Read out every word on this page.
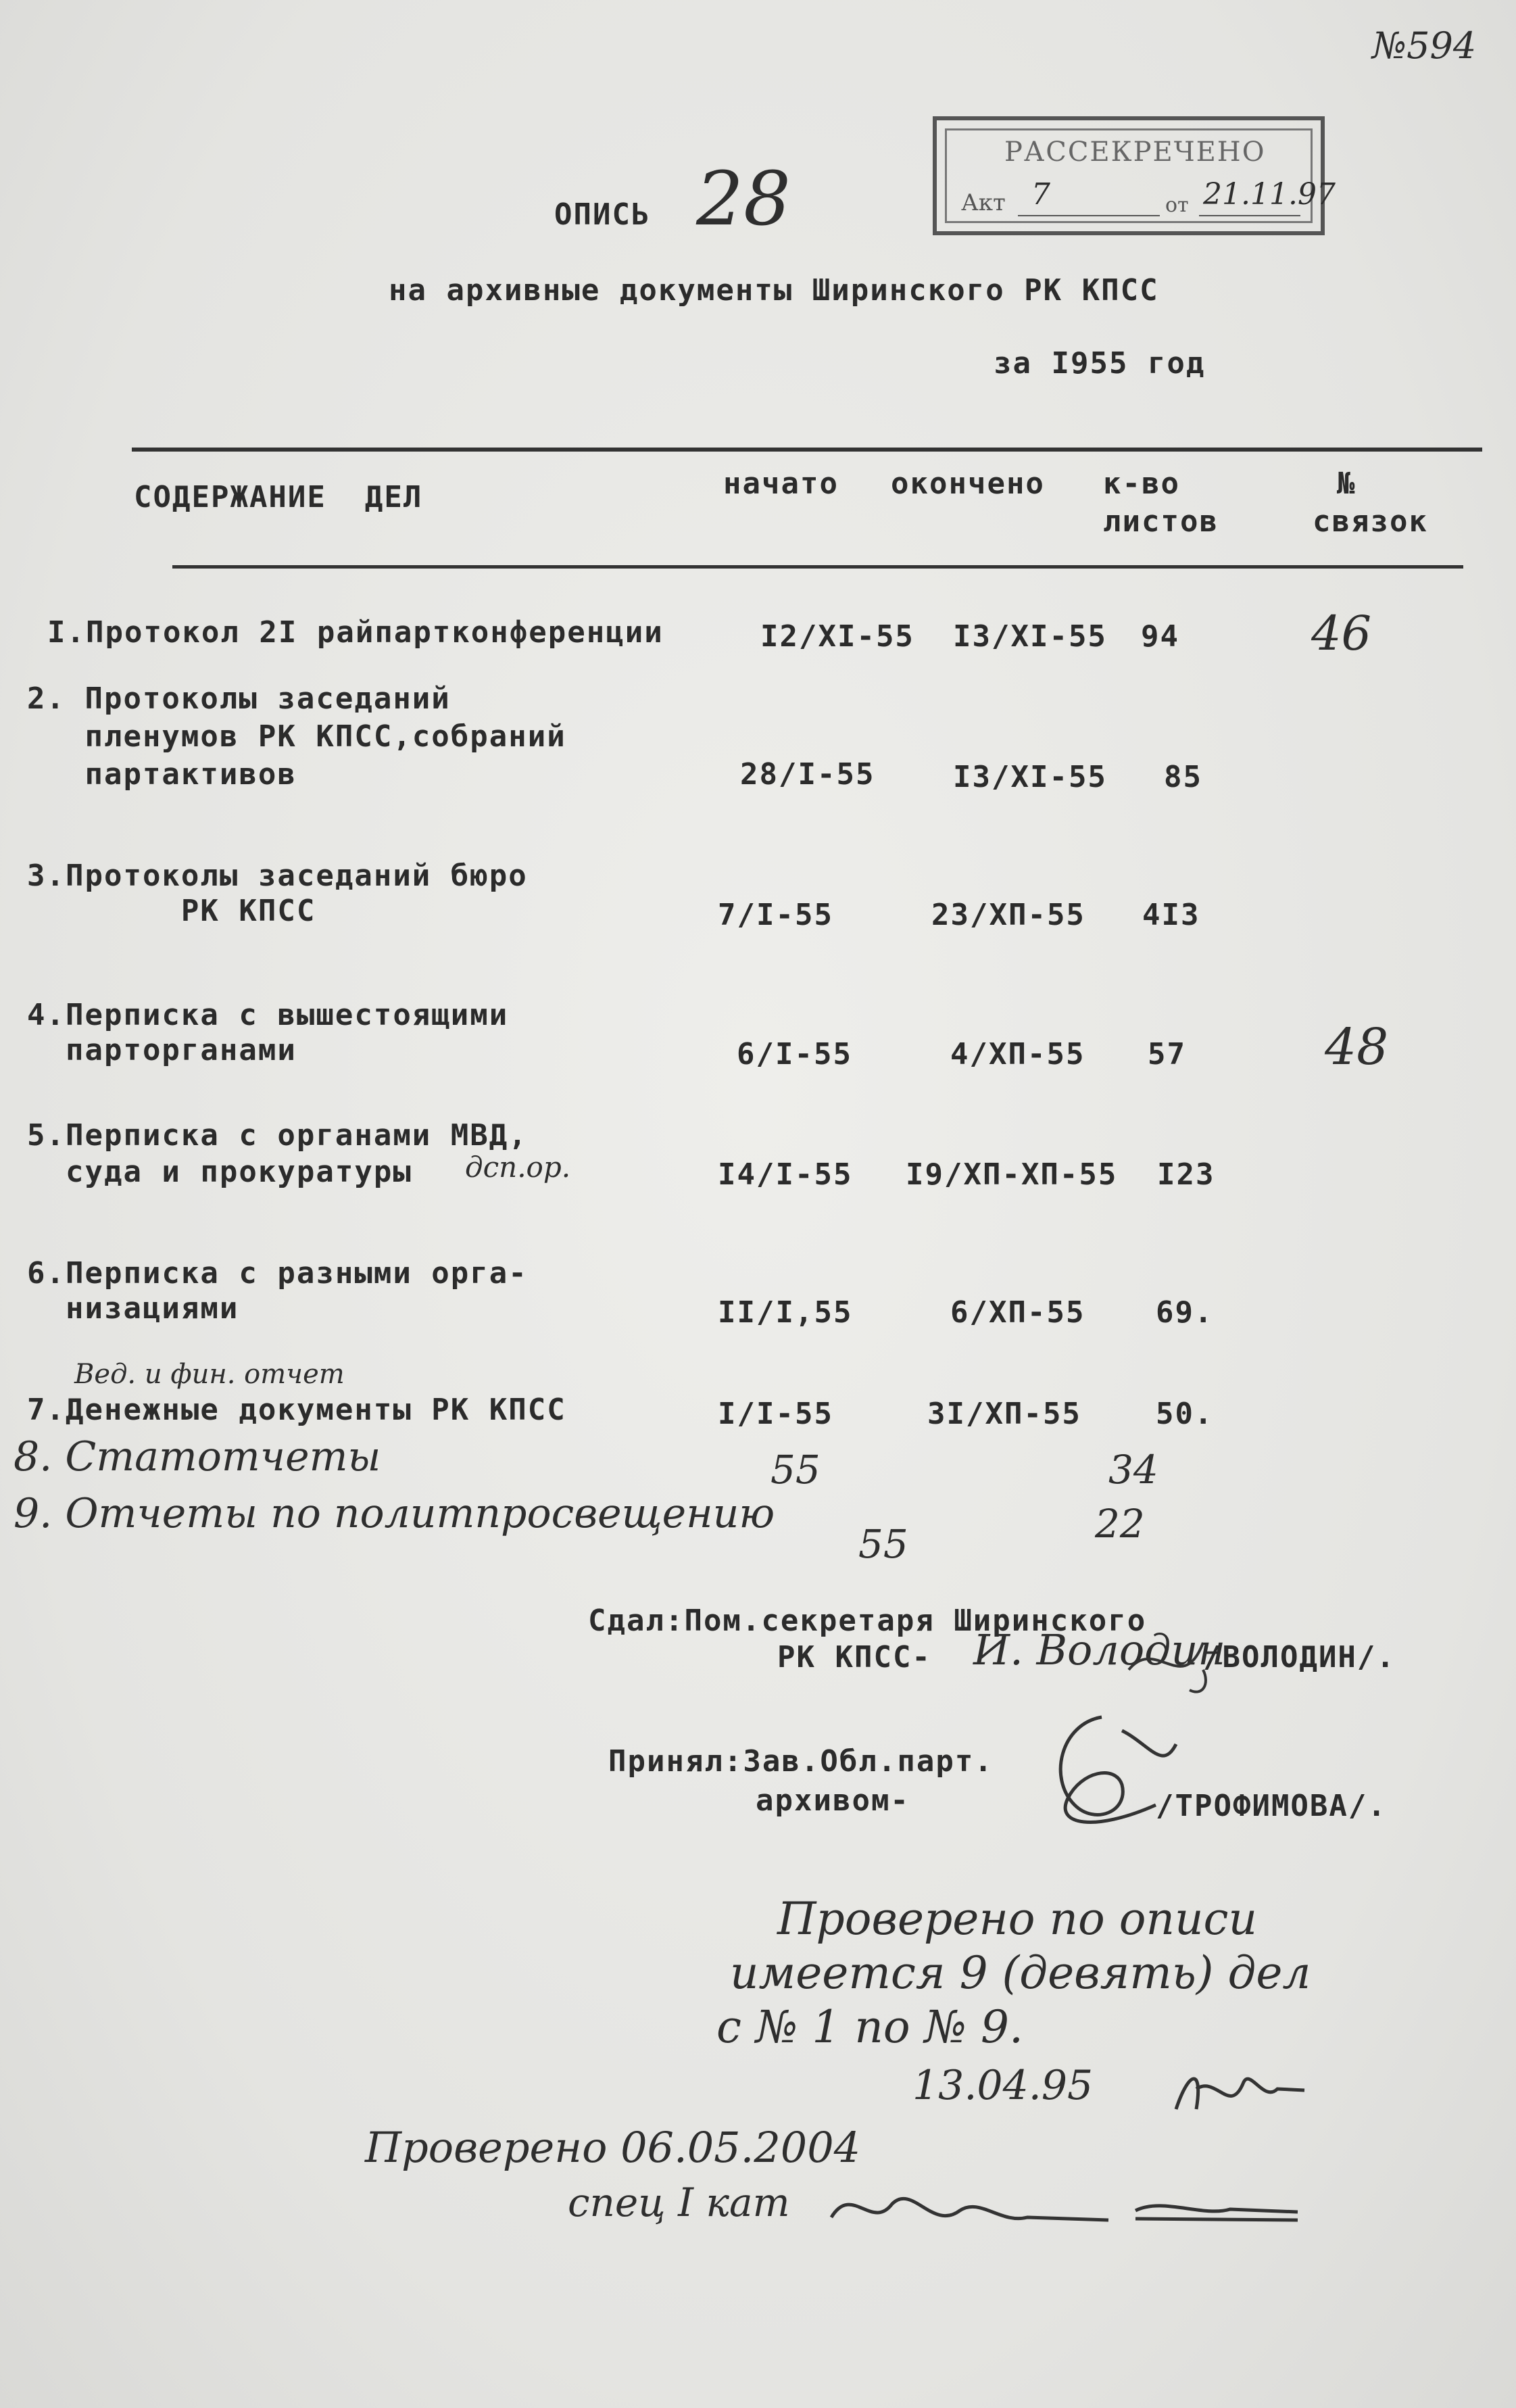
№594
РАССЕКРЕЧЕНО
Акт 7	от 21.11.97
ОПИСЬ 28
на архивные документы Ширинского РК КПСС
за I955 год
СОДЕРЖАНИЕ  ДЕЛ	начато окончено к-во
листов
№
связок
I.Протокол 2I райпартконференции	I2/XI-55 I3/XI-55 94	46
2. Протоколы заседаний
пленумов РК КПСС,собраний
партактивов	28/I-55	I3/XI-55 85
3.Протоколы заседаний бюро
РК КПСС	7/I-55	23/XП-55 4I3
4.Перписка с вышестоящими
парторганами	6/I-55	4/XП-55 57	48
5.Перписка с органами МВД,
суда и прокуратуры дсп.ор.	I4/I-55 I9/XП-XП-55 I23
6.Перписка с разными орга-
низациями	II/I,55	6/XП-55 69.
Вед. и фин. отчет
7.Денежные документы РК КПСС	I/I-55	3I/XП-55	50.
8. Статотчеты	55	34
9. Отчеты по политпросвещению
55	22
Сдал:Пом.секретаря Ширинского
РК КПСС- И. Володин
/ВОЛОДИН/.
Принял:Зав.Обл.парт.
архивом-	/ТРОФИМОВА/.
Проверено по описи
имеется 9 (девять) дел
с № 1 по № 9.
13.04.95
Проверено 06.05.2004
спец I кат
